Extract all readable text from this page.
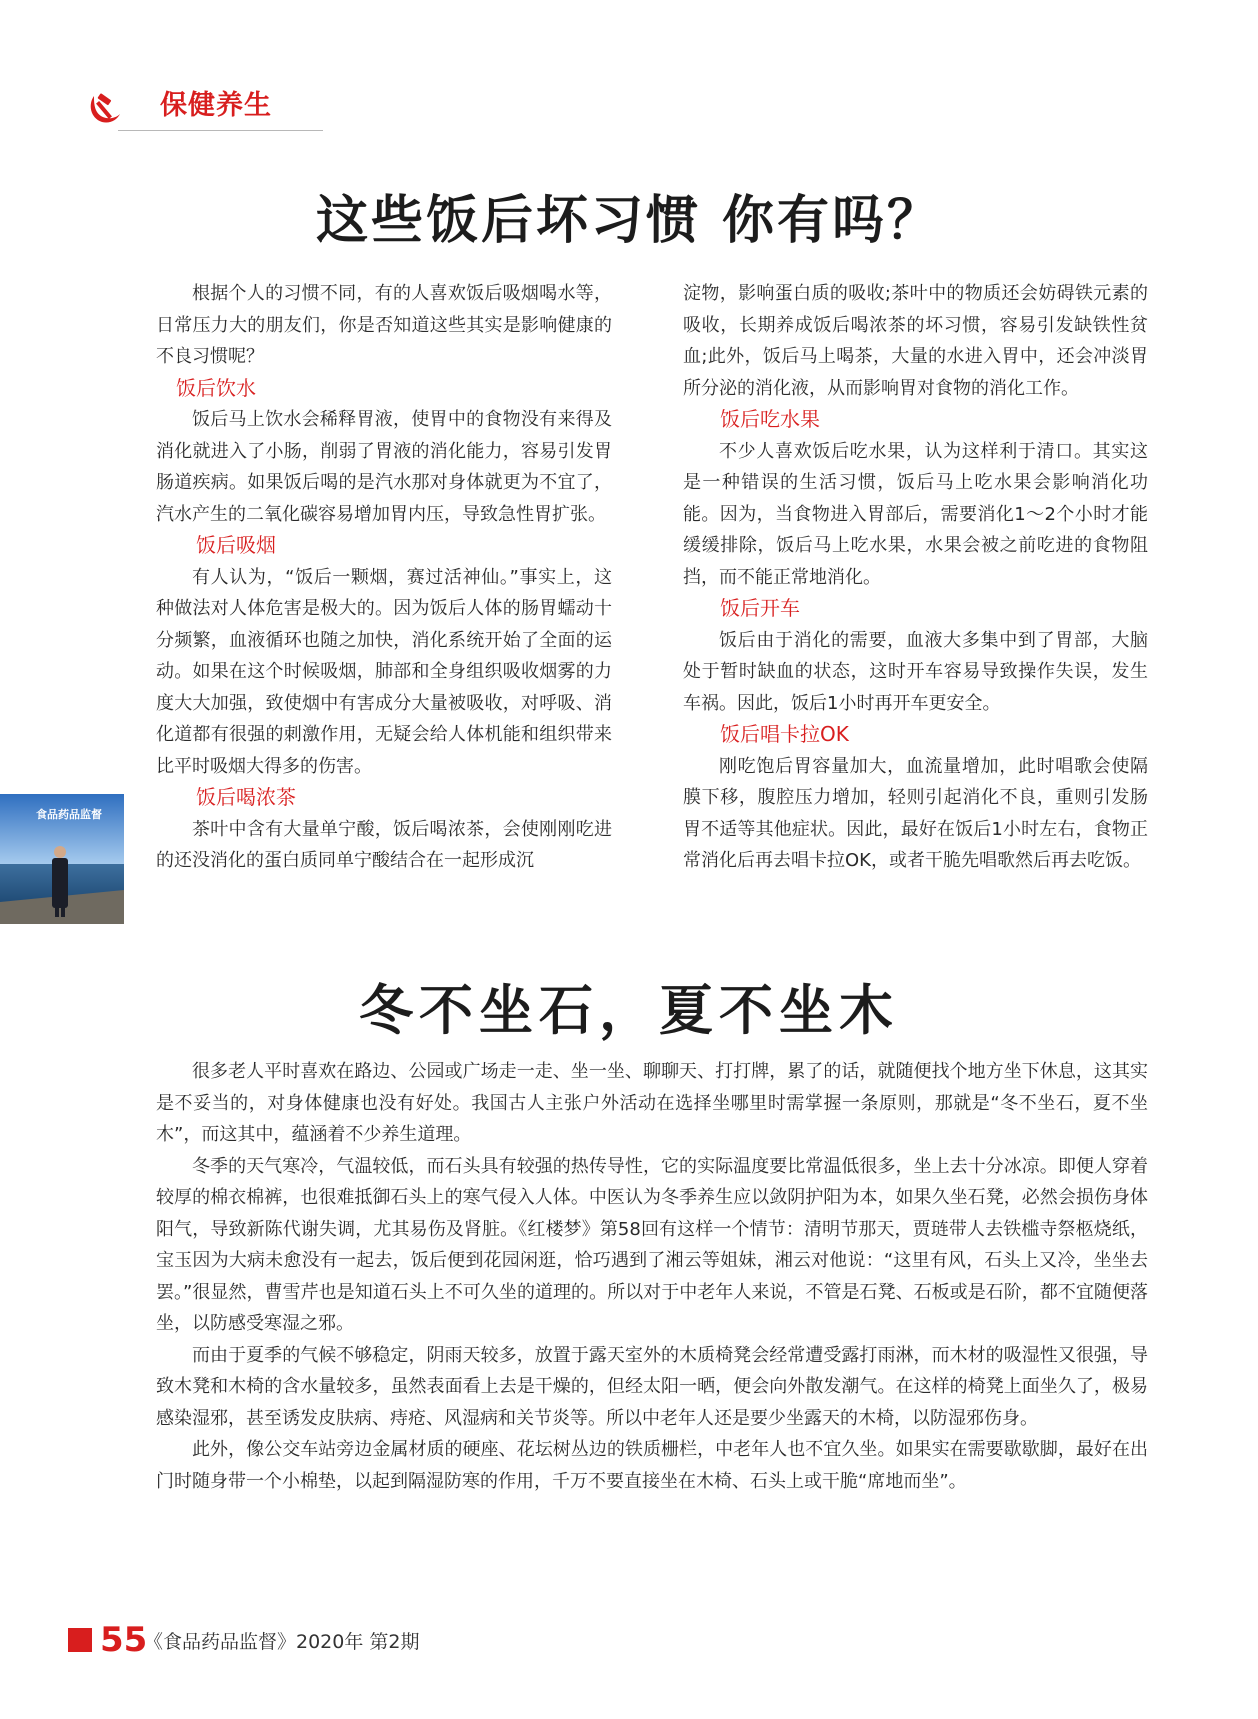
保健养生
这些饭后坏习惯 你有吗？

根据个人的习惯不同，有的人喜欢饭后吸烟喝水等，日常压力大的朋友们，你是否知道这些其实是影响健康的不良习惯呢？

饭后饮水

饭后马上饮水会稀释胃液，使胃中的食物没有来得及消化就进入了小肠，削弱了胃液的消化能力，容易引发胃肠道疾病。如果饭后喝的是汽水那对身体就更为不宜了，汽水产生的二氧化碳容易增加胃内压，导致急性胃扩张。

饭后吸烟

有人认为，“饭后一颗烟，赛过活神仙。”事实上，这种做法对人体危害是极大的。因为饭后人体的肠胃蠕动十分频繁，血液循环也随之加快，消化系统开始了全面的运动。如果在这个时候吸烟，肺部和全身组织吸收烟雾的力度大大加强，致使烟中有害成分大量被吸收，对呼吸、消化道都有很强的刺激作用，无疑会给人体机能和组织带来比平时吸烟大得多的伤害。

饭后喝浓茶

茶叶中含有大量单宁酸，饭后喝浓茶，会使刚刚吃进的还没消化的蛋白质同单宁酸结合在一起形成沉

淀物，影响蛋白质的吸收;茶叶中的物质还会妨碍铁元素的吸收，长期养成饭后喝浓茶的坏习惯，容易引发缺铁性贫血;此外，饭后马上喝茶，大量的水进入胃中，还会冲淡胃所分泌的消化液，从而影响胃对食物的消化工作。

饭后吃水果

不少人喜欢饭后吃水果，认为这样利于清口。其实这是一种错误的生活习惯，饭后马上吃水果会影响消化功能。因为，当食物进入胃部后，需要消化1～2个小时才能缓缓排除，饭后马上吃水果，水果会被之前吃进的食物阻挡，而不能正常地消化。

饭后开车

饭后由于消化的需要，血液大多集中到了胃部，大脑处于暂时缺血的状态，这时开车容易导致操作失误，发生车祸。因此，饭后1小时再开车更安全。

饭后唱卡拉OK

刚吃饱后胃容量加大，血流量增加，此时唱歌会使隔膜下移，腹腔压力增加，轻则引起消化不良，重则引发肠胃不适等其他症状。因此，最好在饭后1小时左右，食物正常消化后再去唱卡拉OK，或者干脆先唱歌然后再去吃饭。

食品药品监督
冬不坐石，夏不坐木

很多老人平时喜欢在路边、公园或广场走一走、坐一坐、聊聊天、打打牌，累了的话，就随便找个地方坐下休息，这其实是不妥当的，对身体健康也没有好处。我国古人主张户外活动在选择坐哪里时需掌握一条原则，那就是“冬不坐石，夏不坐木”，而这其中，蕴涵着不少养生道理。

冬季的天气寒冷，气温较低，而石头具有较强的热传导性，它的实际温度要比常温低很多，坐上去十分冰凉。即便人穿着较厚的棉衣棉裤，也很难抵御石头上的寒气侵入人体。中医认为冬季养生应以敛阴护阳为本，如果久坐石凳，必然会损伤身体阳气，导致新陈代谢失调，尤其易伤及肾脏。《红楼梦》第58回有这样一个情节：清明节那天，贾琏带人去铁槛寺祭柩烧纸，宝玉因为大病未愈没有一起去，饭后便到花园闲逛，恰巧遇到了湘云等姐妹，湘云对他说：“这里有风，石头上又冷，坐坐去罢。”很显然，曹雪芹也是知道石头上不可久坐的道理的。所以对于中老年人来说，不管是石凳、石板或是石阶，都不宜随便落坐，以防感受寒湿之邪。

而由于夏季的气候不够稳定，阴雨天较多，放置于露天室外的木质椅凳会经常遭受露打雨淋，而木材的吸湿性又很强，导致木凳和木椅的含水量较多，虽然表面看上去是干燥的，但经太阳一晒，便会向外散发潮气。在这样的椅凳上面坐久了，极易感染湿邪，甚至诱发皮肤病、痔疮、风湿病和关节炎等。所以中老年人还是要少坐露天的木椅，以防湿邪伤身。

此外，像公交车站旁边金属材质的硬座、花坛树丛边的铁质栅栏，中老年人也不宜久坐。如果实在需要歇歇脚，最好在出门时随身带一个小棉垫，以起到隔湿防寒的作用，千万不要直接坐在木椅、石头上或干脆“席地而坐”。

55
《食品药品监督》2020年 第2期
